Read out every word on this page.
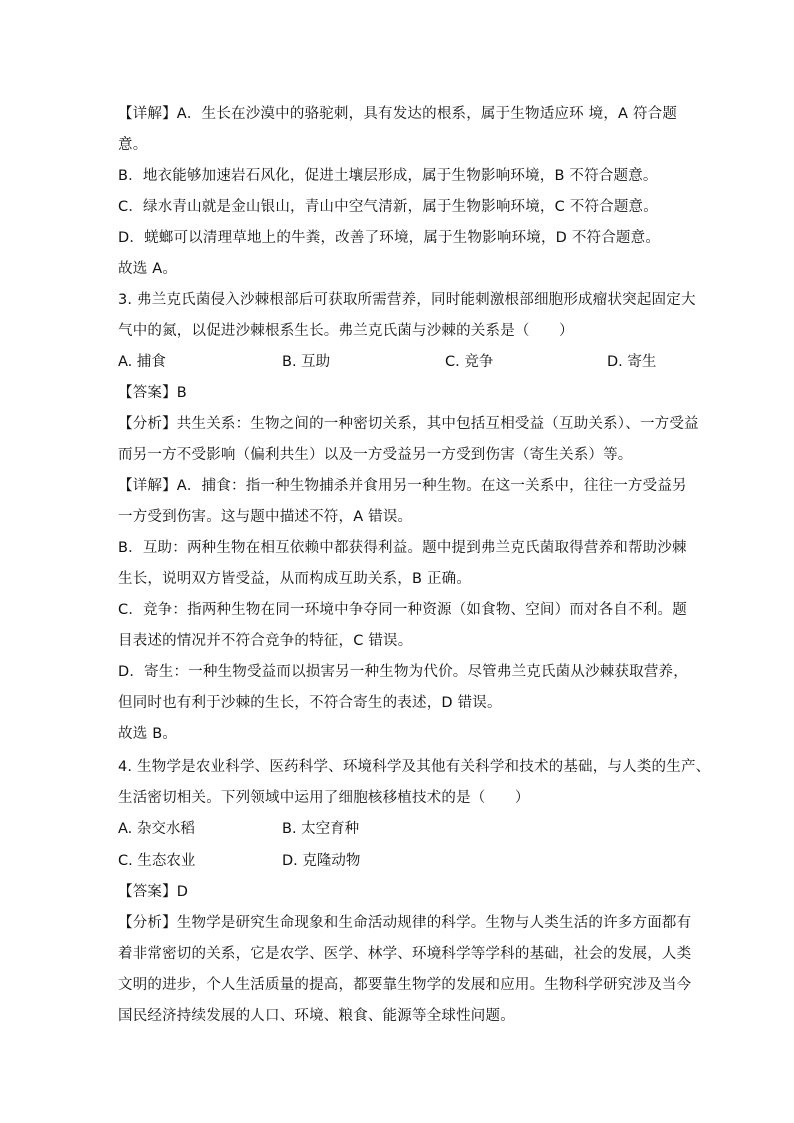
【详解】A．生长在沙漠中的骆驼刺，具有发达的根系，属于生物适应环 境，A 符合题
意。
B．地衣能够加速岩石风化，促进土壤层形成，属于生物影响环境，B 不符合题意。
C．绿水青山就是金山银山，青山中空气清新，属于生物影响环境，C 不符合题意。
D．蜣螂可以清理草地上的牛粪，改善了环境，属于生物影响环境，D 不符合题意。
故选 A。
3. 弗兰克氏菌侵入沙棘根部后可获取所需营养，同时能刺激根部细胞形成瘤状突起固定大
气中的氮，以促进沙棘根系生长。弗兰克氏菌与沙棘的关系是（　　）
A. 捕食	B. 互助	C. 竞争	D. 寄生
【答案】B
【分析】共生关系：生物之间的一种密切关系，其中包括互相受益（互助关系）、一方受益
而另一方不受影响（偏利共生）以及一方受益另一方受到伤害（寄生关系）等。
【详解】A．捕食：指一种生物捕杀并食用另一种生物。在这一关系中，往往一方受益另
一方受到伤害。这与题中描述不符，A 错误。
B．互助：两种生物在相互依赖中都获得利益。题中提到弗兰克氏菌取得营养和帮助沙棘
生长，说明双方皆受益，从而构成互助关系，B 正确。
C．竞争：指两种生物在同一环境中争夺同一种资源（如食物、空间）而对各自不利。题
目表述的情况并不符合竞争的特征，C 错误。
D．寄生：一种生物受益而以损害另一种生物为代价。尽管弗兰克氏菌从沙棘获取营养，
但同时也有利于沙棘的生长，不符合寄生的表述，D 错误。
故选 B。
4. 生物学是农业科学、医药科学、环境科学及其他有关科学和技术的基础，与人类的生产、
生活密切相关。下列领域中运用了细胞核移植技术的是（　　）
A. 杂交水稻	B. 太空育种
C. 生态农业	D. 克隆动物
【答案】D
【分析】生物学是研究生命现象和生命活动规律的科学。生物与人类生活的许多方面都有
着非常密切的关系，它是农学、医学、林学、环境科学等学科的基础，社会的发展，人类
文明的进步，个人生活质量的提高，都要靠生物学的发展和应用。生物科学研究涉及当今
国民经济持续发展的人口、环境、粮食、能源等全球性问题。
